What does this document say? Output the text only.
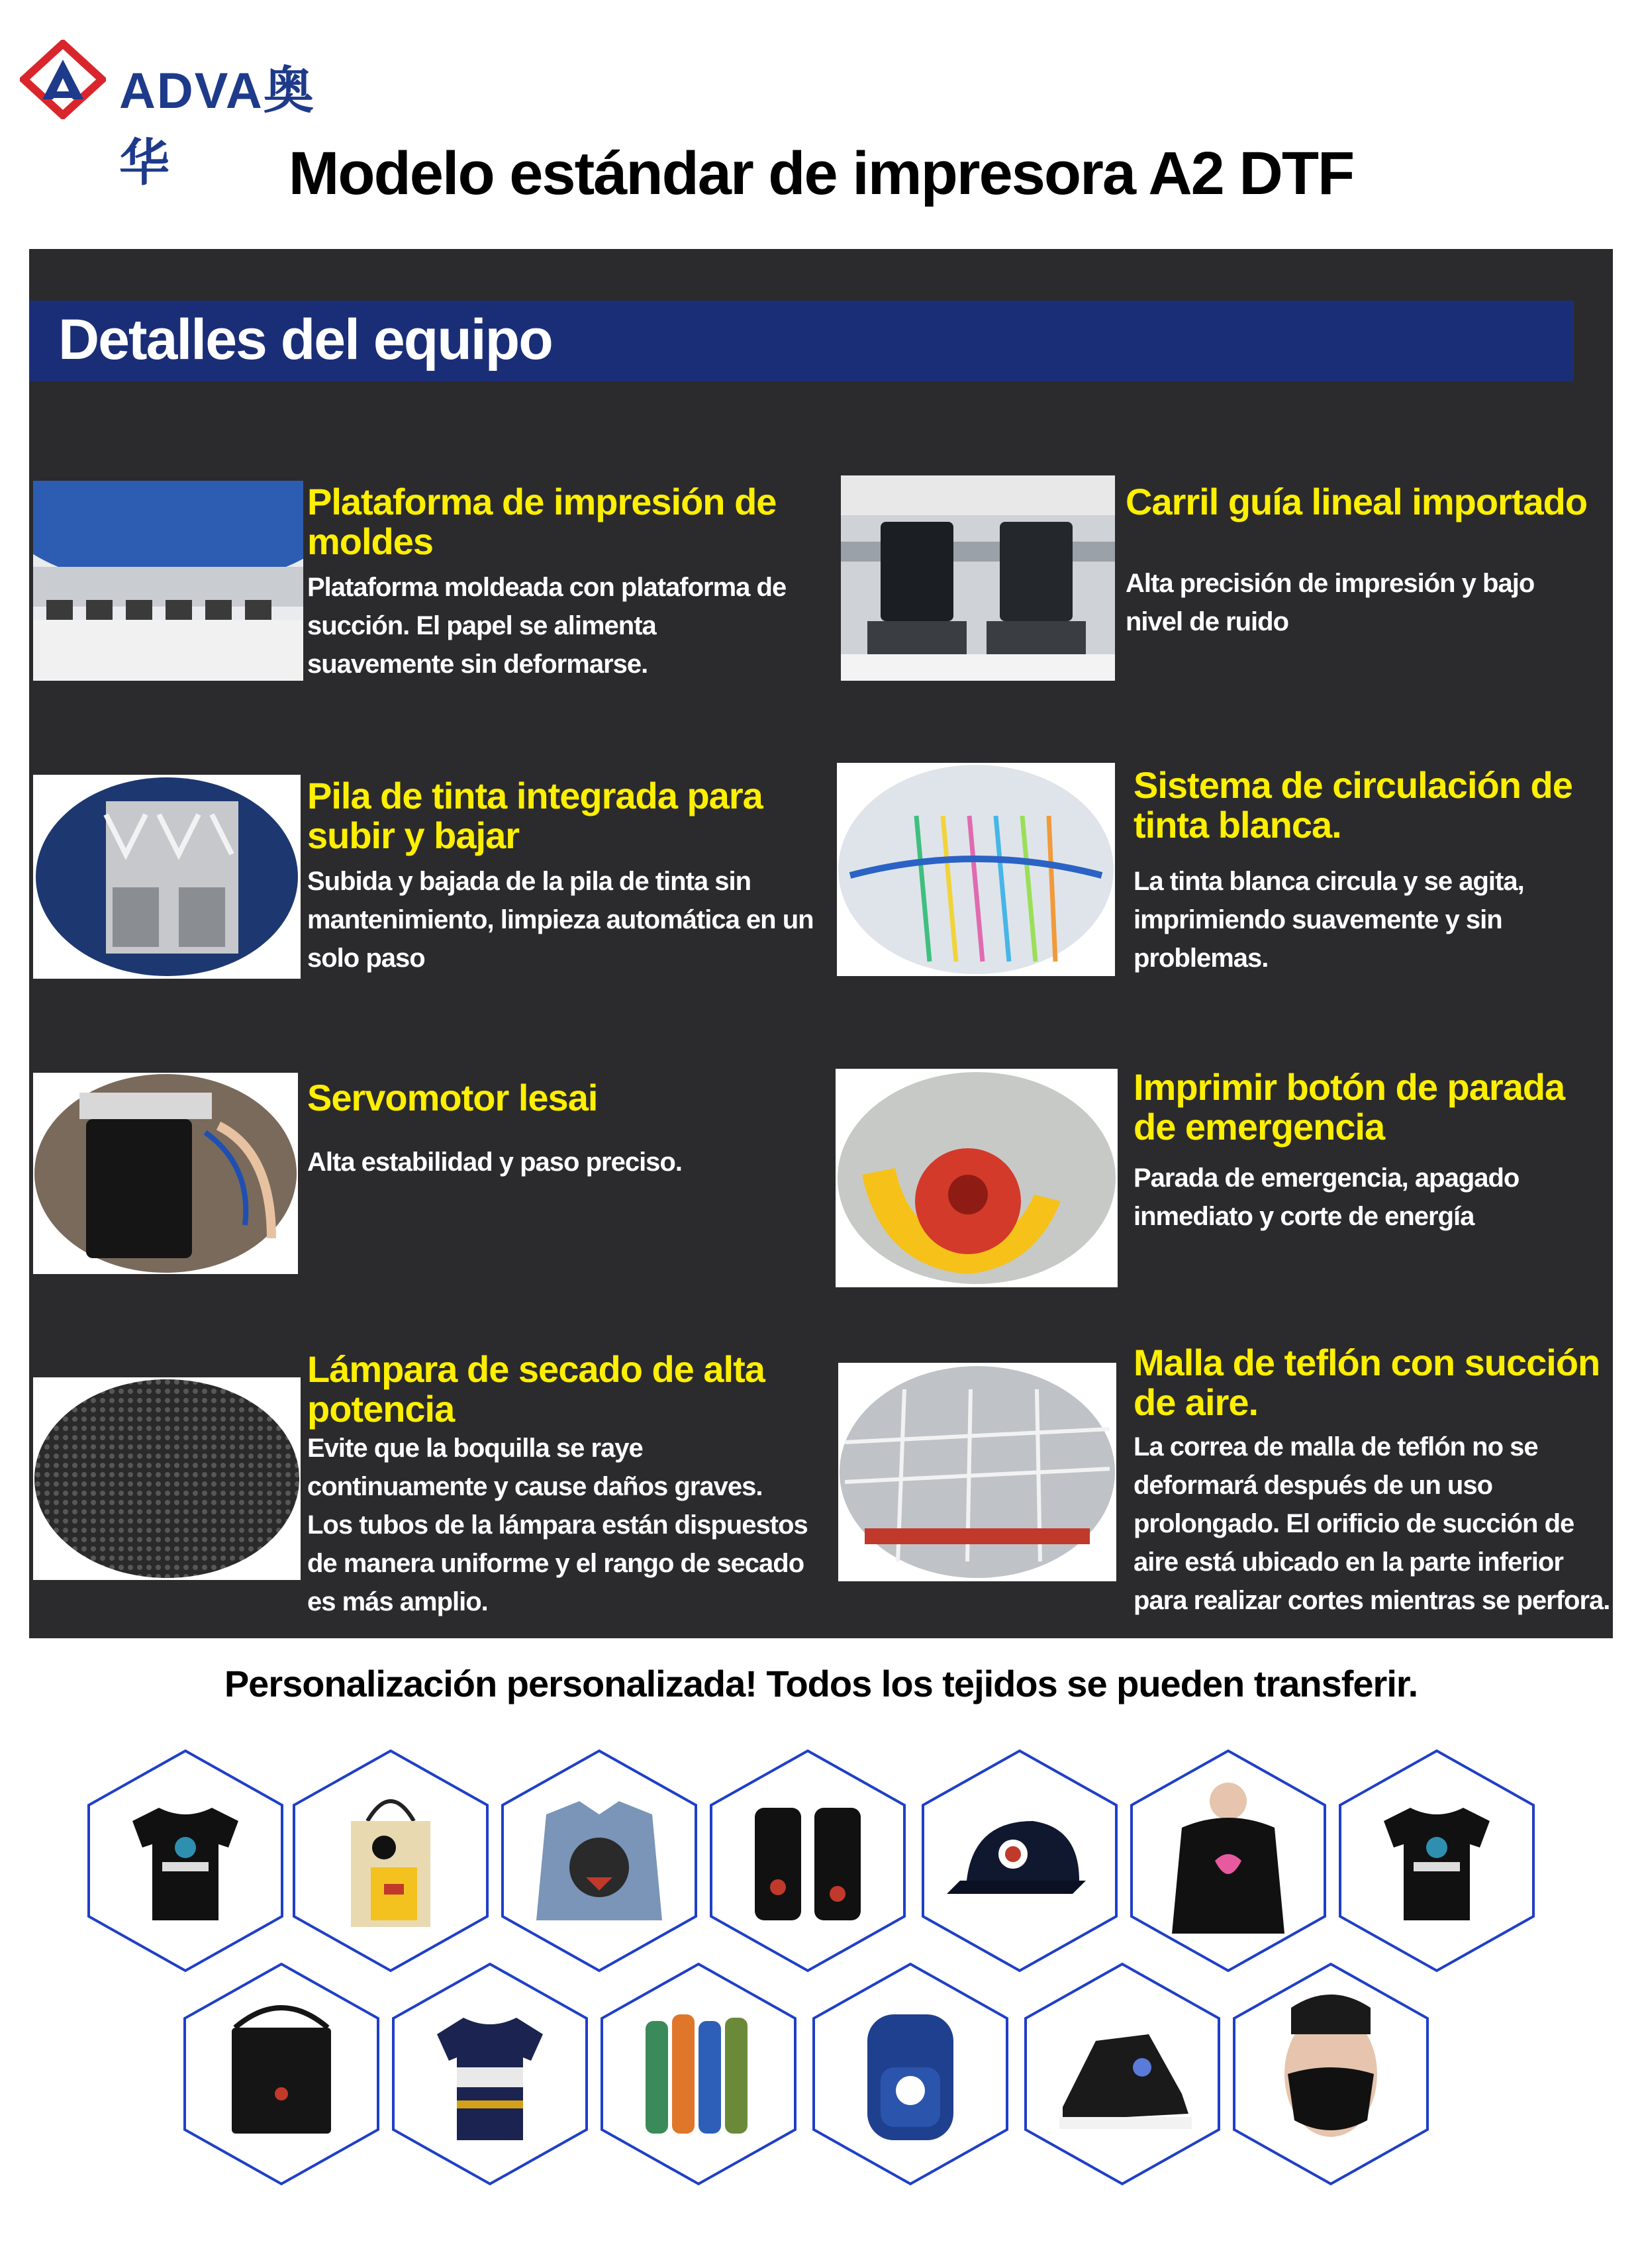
ADVA奥华	Modelo estándar de impresora A2 DTF
Detalles del equipo
Plataforma de impresión de moldes
Plataforma moldeada con plataforma de succión. El papel se alimenta suavemente sin deformarse.
Carril guía lineal importado
Alta precisión de impresión y bajo nivel de ruido
Pila de tinta integrada para subir y bajar
Subida y bajada de la pila de tinta sin mantenimiento, limpieza automática en un solo paso
Sistema de circulación de tinta blanca.
La tinta blanca circula y se agita, imprimiendo suavemente y sin problemas.
Servomotor lesai
Alta estabilidad y paso preciso.
Imprimir botón de parada de emergencia
Parada de emergencia, apagado inmediato y corte de energía
Lámpara de secado de alta potencia
Evite que la boquilla se raye continuamente y cause daños graves. Los tubos de la lámpara están dispuestos de manera uniforme y el rango de secado es más amplio.
Malla de teflón con succión de aire.
La correa de malla de teflón no se deformará después de un uso prolongado. El orificio de succión de aire está ubicado en la parte inferior para realizar cortes mientras se perfora.
Personalización personalizada! Todos los tejidos se pueden transferir.
